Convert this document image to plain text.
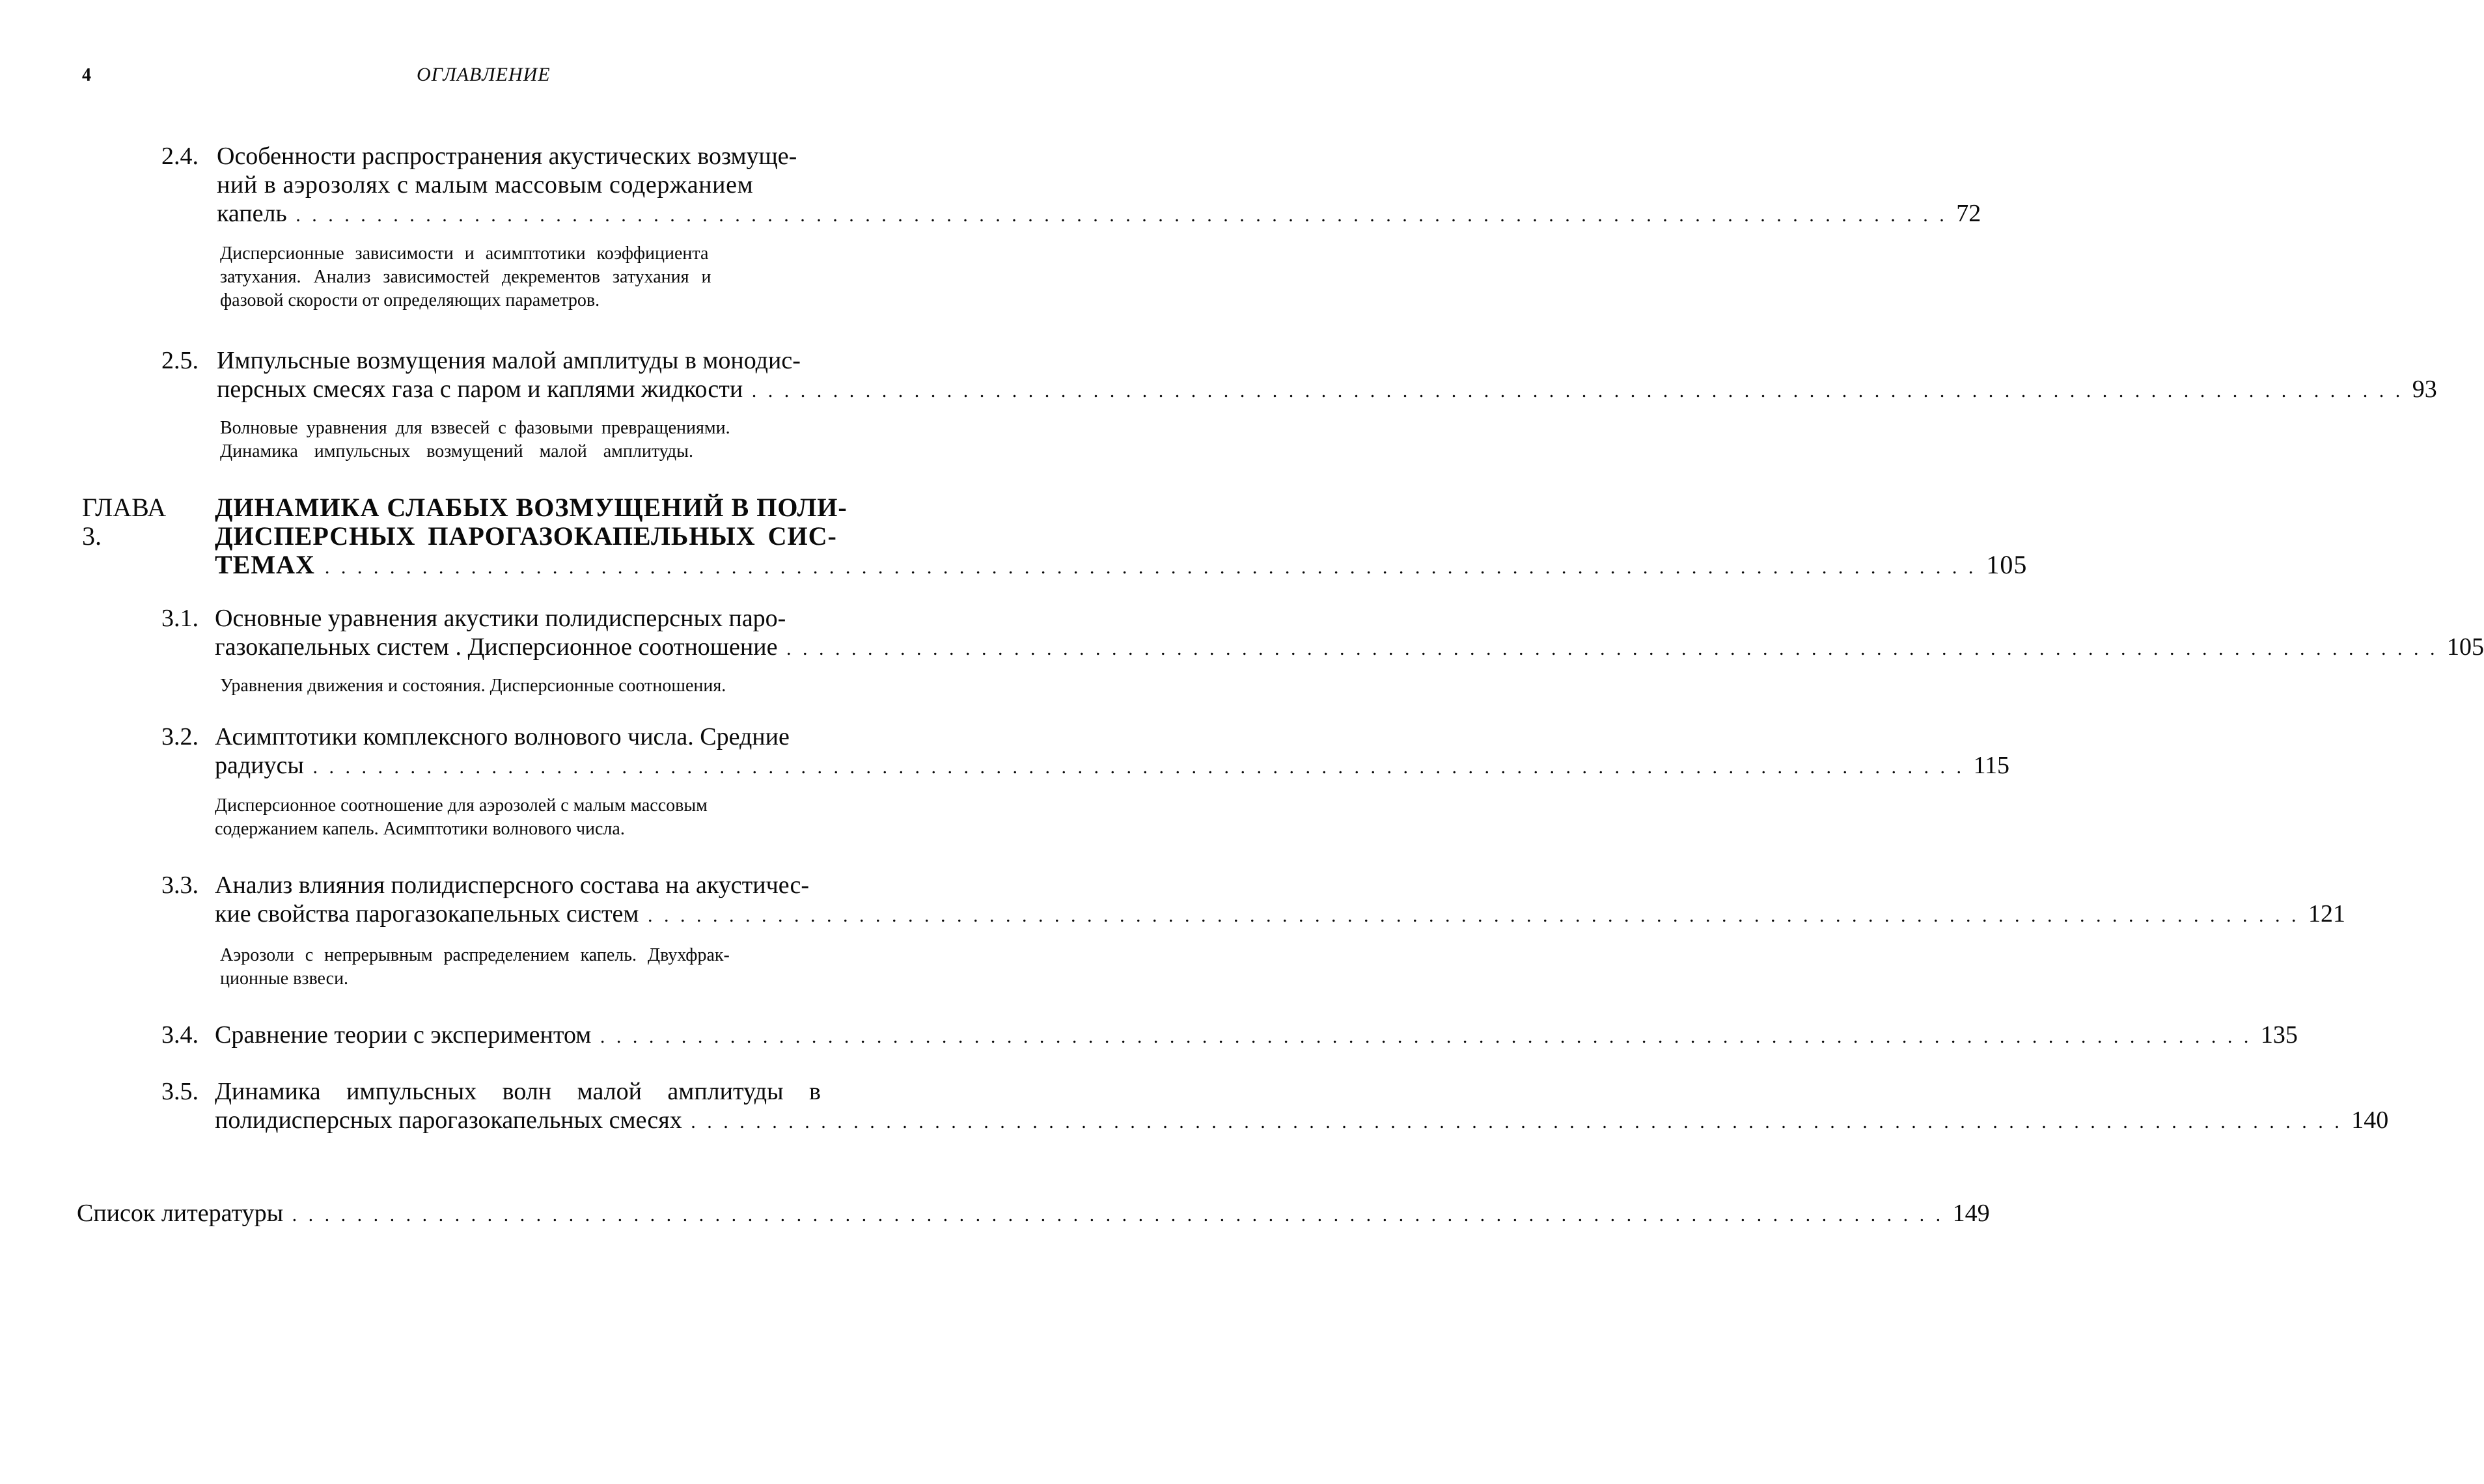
4	ОГЛАВЛЕНИЕ
2.4. Особенности распространения акустических возмуще-
ний в аэрозолях с малым массовым содержанием
капель . . .	72
Дисперсионные зависимости и асимптотики коэффициента
затухания. Анализ зависимостей декрементов затухания и
фазовой скорости от определяющих параметров.
2.5. Импульсные возмущения малой амплитуды в монодис-
персных смесях газа с паром и каплями жидкости . . .	93
Волновые уравнения для взвесей с фазовыми превращениями.
Динамика импульсных возмущений малой амплитуды.
ГЛАВА 3.
ДИНАМИКА СЛАБЫХ ВОЗМУЩЕНИЙ В ПОЛИ-
ДИСПЕРСНЫХ ПАРОГАЗОКАПЕЛЬНЫХ СИС-
ТЕМАХ . . .	105
3.1. Основные уравнения акустики полидисперсных паро-
газокапельных систем . Дисперсионное соотношение . . .	105
Уравнения движения и состояния. Дисперсионные соотношения.
3.2. Асимптотики комплексного волнового числа. Средние
радиусы . . .	115
Дисперсионное соотношение для аэрозолей с малым массовым
содержанием капель. Асимптотики волнового числа.
3.3. Анализ влияния полидисперсного состава на акустичес-
кие свойства парогазокапельных систем . . .	121
Аэрозоли с непрерывным распределением капель. Двухфрак-
ционные взвеси.
3.4. Сравнение теории с экспериментом . . .	135
3.5. Динамика импульсных волн малой амплитуды в
полидисперсных парогазокапельных смесях . . .	140
Список литературы . . .	149
